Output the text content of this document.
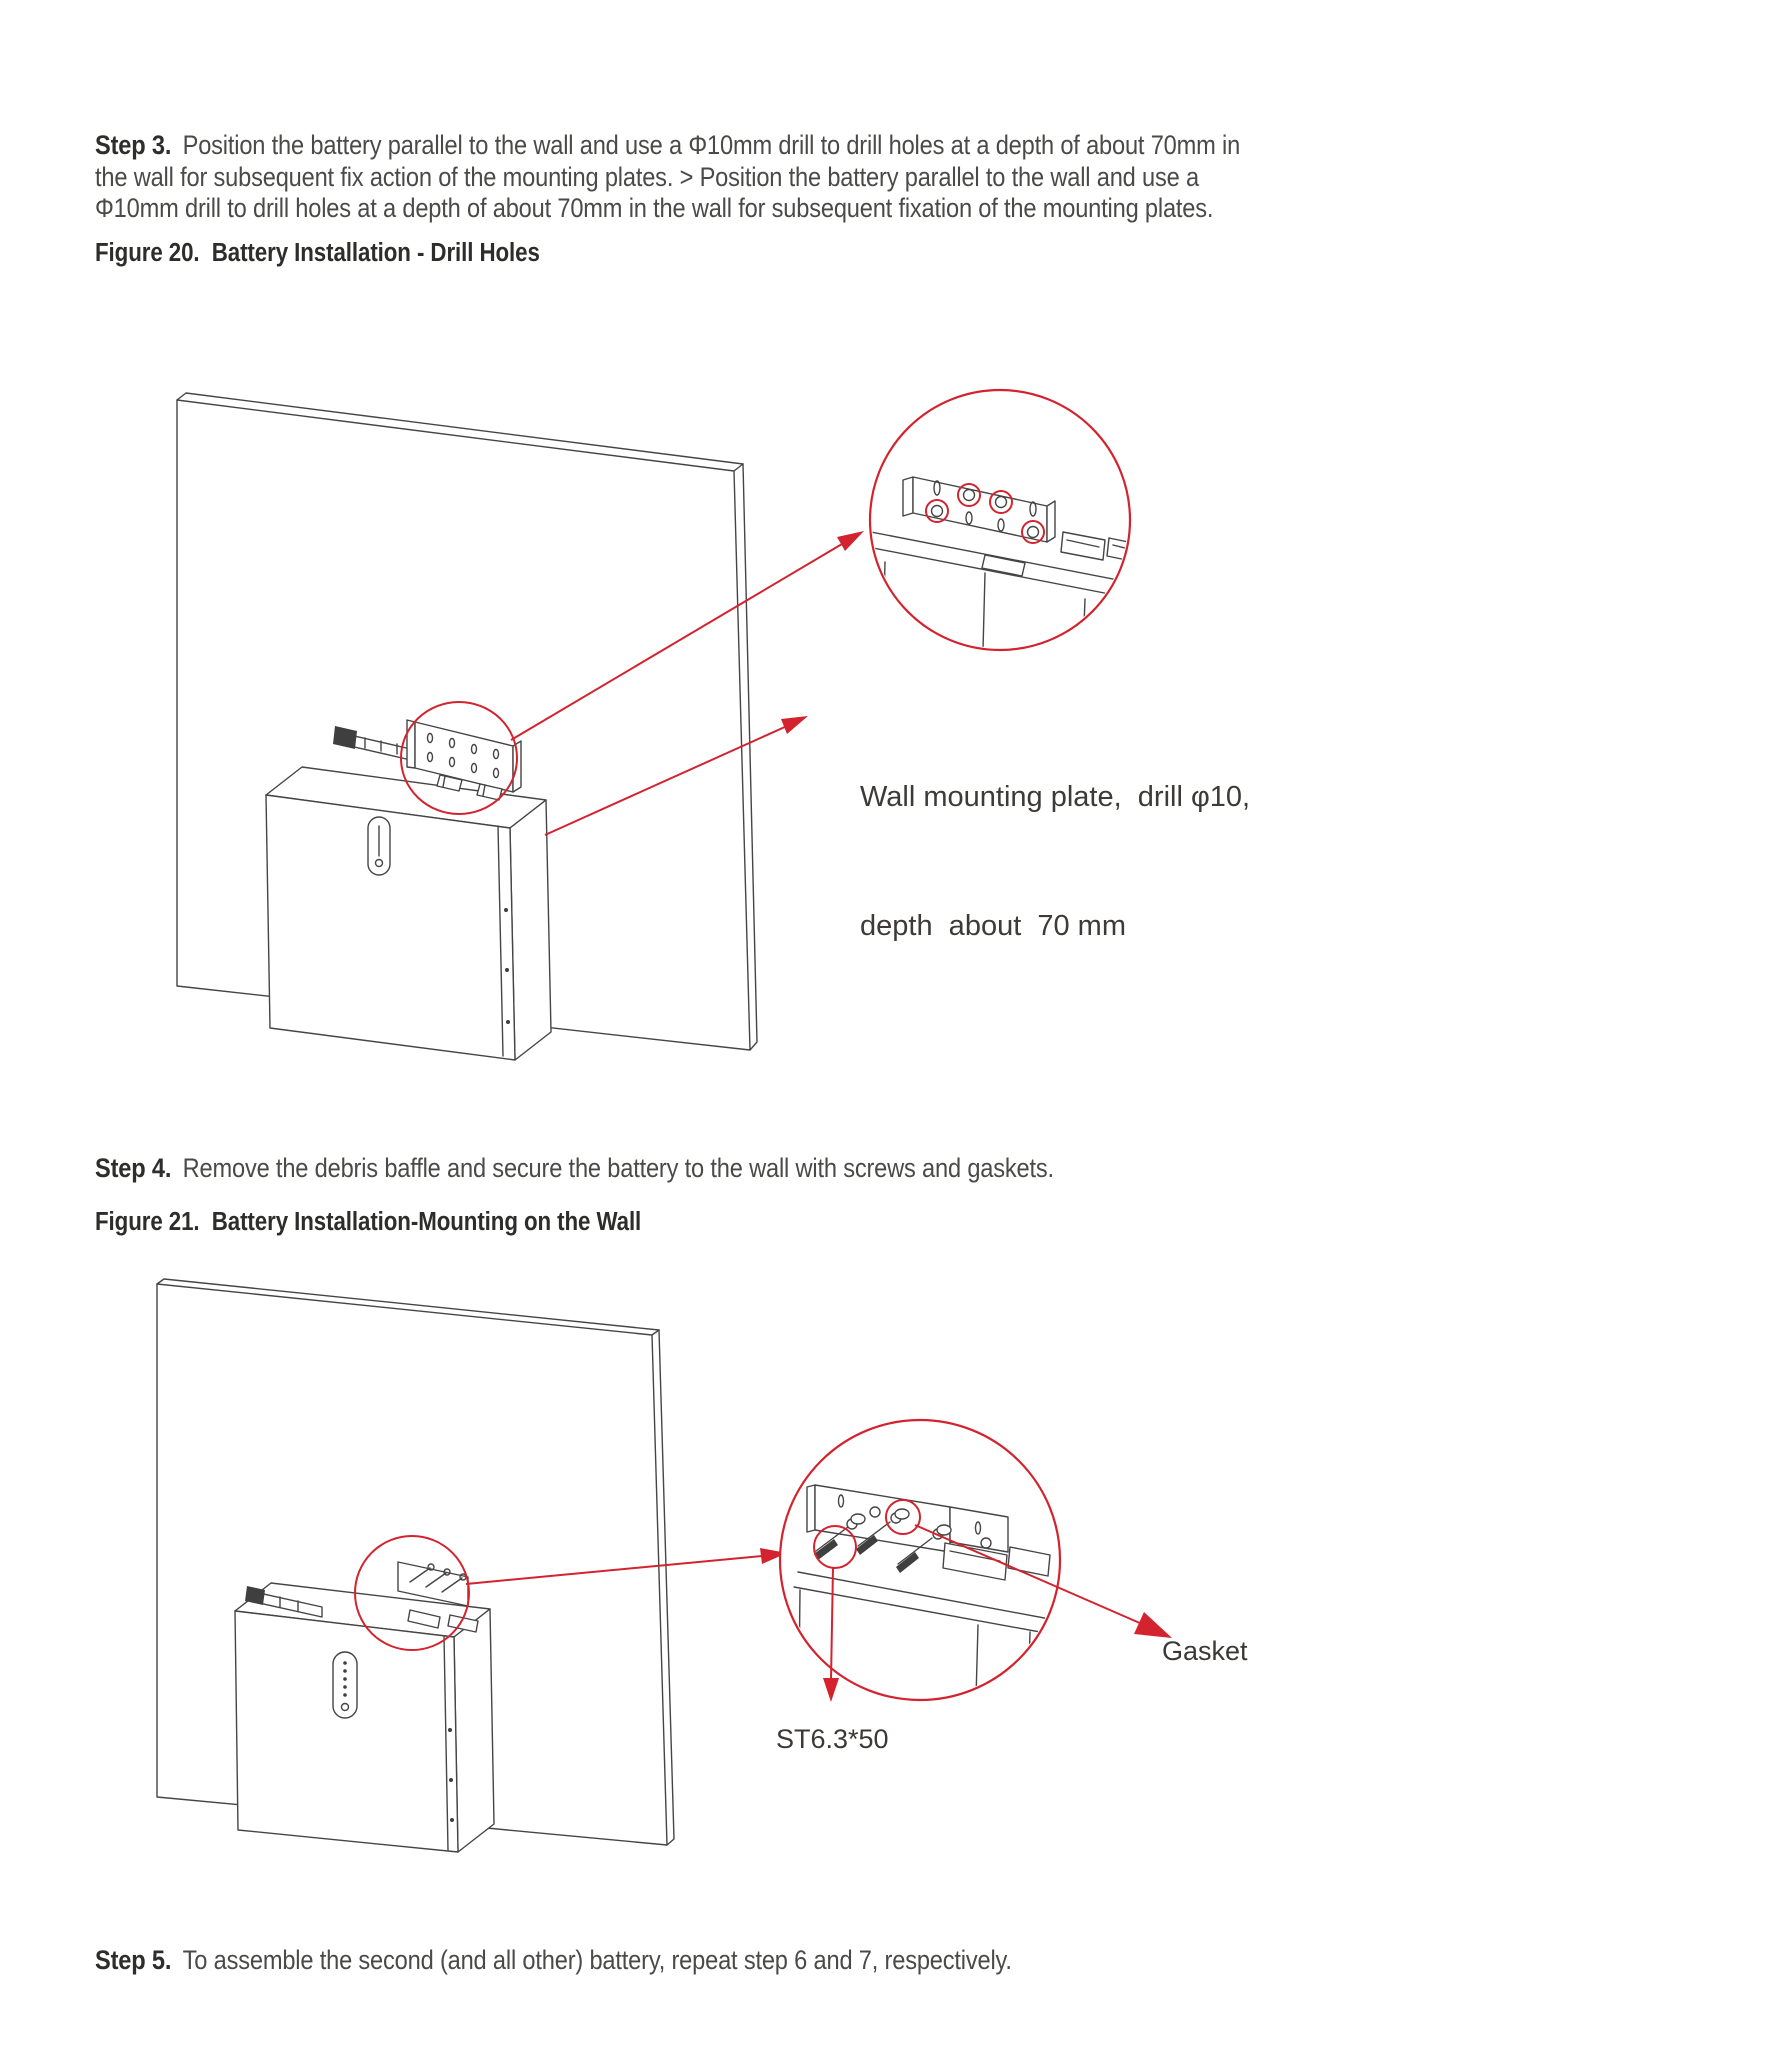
Step 3. Position the battery parallel to the wall and use a Φ10mm drill to drill holes at a depth of about 70mm in the wall for subsequent fix action of the mounting plates. > Position the battery parallel to the wall and use a Φ10mm drill to drill holes at a depth of about 70mm in the wall for subsequent fixation of the mounting plates.

Figure 20.  Battery Installation - Drill Holes

Wall mounting plate,  drill φ10,

depth  about  70 mm

Step 4. Remove the debris baffle and secure the battery to the wall with screws and gaskets.

Figure 21.  Battery Installation-Mounting on the Wall
ST6.3*50
Gasket

Step 5. To assemble the second (and all other) battery, repeat step 6 and 7, respectively.
